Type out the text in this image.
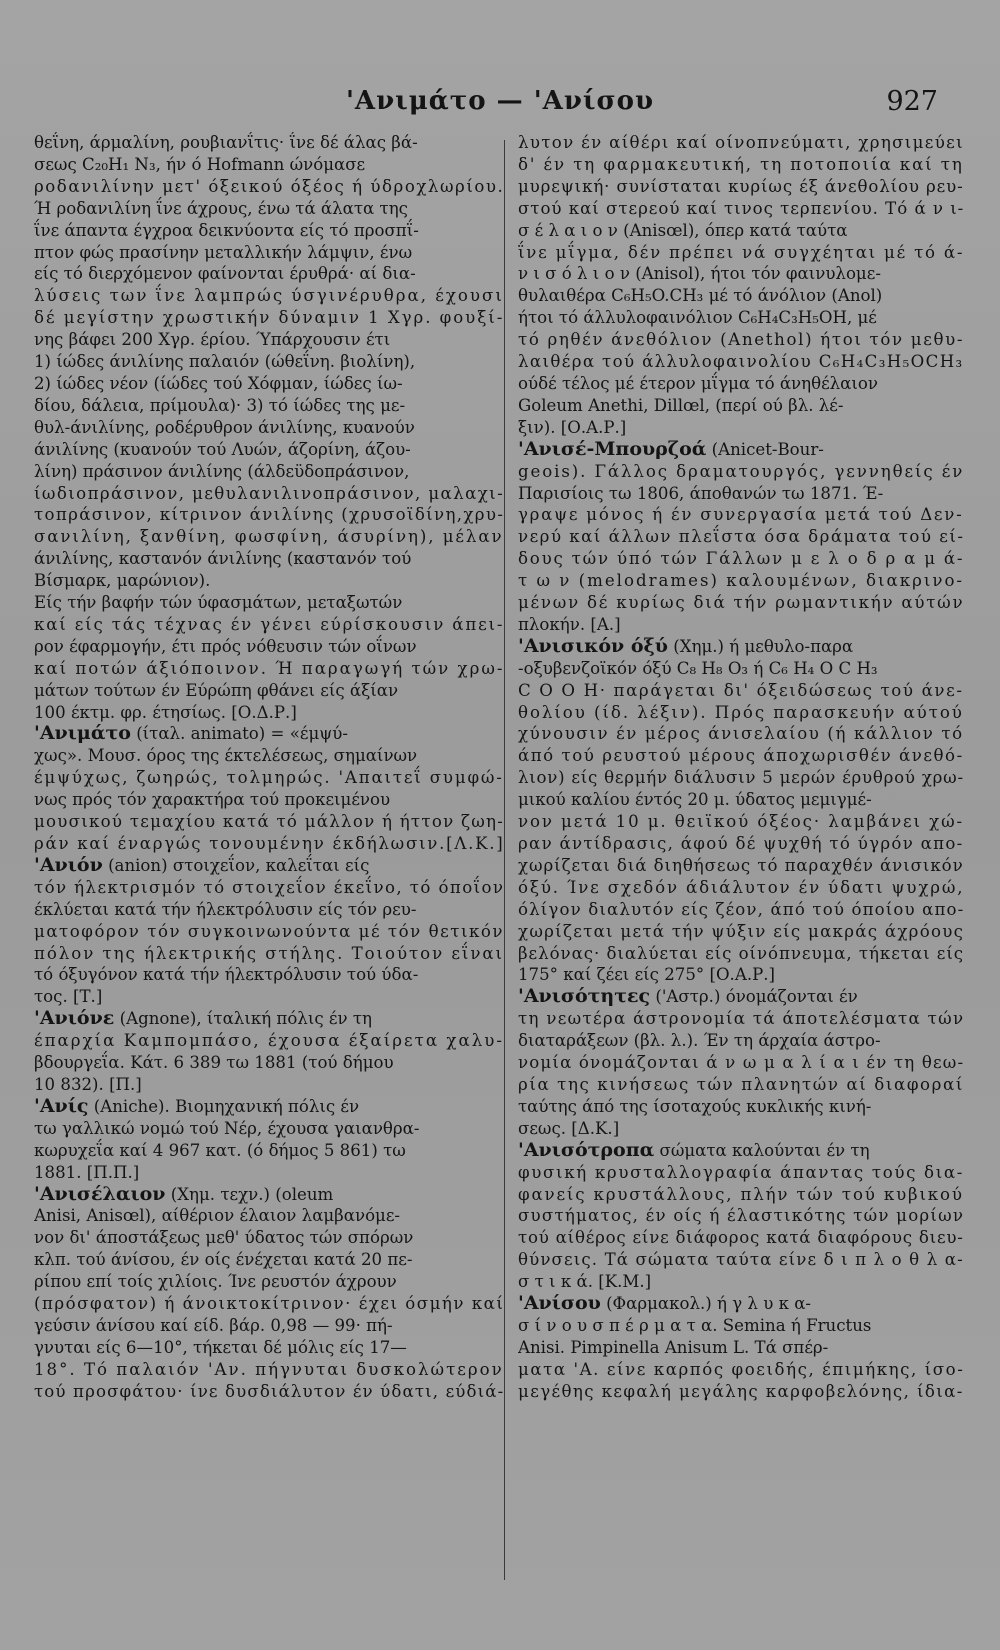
'Ανιμάτο — 'Ανίσου	927
θεΐνη, άρμαλίνη, ρουβιανΐτις· ΐνε δέ άλας βά-
σεως C₂₀H₁ N₃, ήν ό Hofmann ώνόμασε
ροδανιλίνην μετ' όξεικού όξέος ή ύδροχλωρίου.
Ή ροδανιλίνη ΐνε άχρους, ένω τά άλατα της
ΐνε άπαντα έγχροα δεικνύοντα είς τό προσπΐ-
πτον φώς πρασίνην μεταλλικήν λάμψιν, ένω
είς τό διερχόμενον φαίνονται έρυθρά· αί δια-
λύσεις των ΐνε λαμπρώς ύσγινέρυθρα, έχουσι
δέ μεγίστην χρωστικήν δύναμιν 1 Χγρ. φουξί-
νης βάφει 200 Χγρ. έρίου. Ύπάρχουσιν έτι
1) ίώδες άνιλίνης παλαιόν (ώθεΐνη. βιολίνη),
2) ίώδες νέον (ίώδες τού Χόφμαν, ίώδες ίω-
δίου, δάλεια, πρίμουλα)· 3) τό ίώδες της με-
θυλ-άνιλίνης, ροδέρυθρον άνιλίνης, κυανούν
άνιλίνης (κυανούν τού Λυών, άζορίνη, άζου-
λίνη) πράσινον άνιλίνης (άλδεϋδοπράσινον,
ίωδιοπράσινον, μεθυλανιλινοπράσινον, μαλαχι-
τοπράσινον, κίτρινον άνιλίνης (χρυσοϊδίνη,χρυ-
σανιλίνη, ξανθίνη, φωσφίνη, άσυρίνη), μέλαν
άνιλίνης, καστανόν άνιλίνης (καστανόν τού
Βίσμαρκ, μαρώνιον).
Είς τήν βαφήν τών ύφασμάτων, μεταξωτών
καί είς τάς τέχνας έν γένει εύρίσκουσιν άπει-
ρον έφαρμογήν, έτι πρός νόθευσιν τών οΐνων
καί ποτών άξιόποινον. Ή παραγωγή τών χρω-
μάτων τούτων έν Εύρώπη φθάνει είς άξίαν
100 έκτμ. φρ. έτησίως. [Ο.Δ.Ρ.]
'Ανιμάτο (ίταλ. animato) = «έμψύ-
χως». Μουσ. όρος της έκτελέσεως, σημαίνων
έμψύχως, ζωηρώς, τολμηρώς. 'Απαιτεΐ συμφώ-
νως πρός τόν χαρακτήρα τού προκειμένου
μουσικού τεμαχίου κατά τό μάλλον ή ήττον ζωη-
ράν καί έναργώς τονουμένην έκδήλωσιν.[Λ.Κ.]
'Ανιόν (anion) στοιχεΐον, καλεΐται είς
τόν ήλεκτρισμόν τό στοιχεΐον έκεΐνο, τό όποΐον
έκλύεται κατά τήν ήλεκτρόλυσιν είς τόν ρευ-
ματοφόρον τόν συγκοινωνούντα μέ τόν θετικόν
πόλον της ήλεκτρικής στήλης. Τοιούτον εΐναι
τό όξυγόνον κατά τήν ήλεκτρόλυσιν τού ύδα-
τος. [Τ.]
'Ανιόνε (Agnone), ίταλική πόλις έν τη
έπαρχία Καμπομπάσο, έχουσα έξαίρετα χαλυ-
βδουργεΐα. Κάτ. 6 389 τω 1881 (τού δήμου
10 832). [Π.]
'Ανίς (Aniche). Βιομηχανική πόλις έν
τω γαλλικώ νομώ τού Νέρ, έχουσα γαιανθρα-
κωρυχεΐα καί 4 967 κατ. (ό δήμος 5 861) τω
1881. [Π.Π.]
'Ανισέλαιον (Χημ. τεχν.) (oleum
Anisi, Anisœl), αίθέριον έλαιον λαμβανόμε-
νον δι' άποστάξεως μεθ' ύδατος τών σπόρων
κλπ. τού άνίσου, έν οίς ένέχεται κατά 20 πε-
ρίπου επί τοίς χιλίοις. Ίνε ρευστόν άχρουν
(πρόσφατον) ή άνοικτοκίτρινον· έχει όσμήν καί
γεύσιν άνίσου καί είδ. βάρ. 0,98 — 99· πή-
γνυται είς 6—10°, τήκεται δέ μόλις είς 17—
18°. Τό παλαιόν 'Αν. πήγνυται δυσκολώτερον
τού προσφάτου· ίνε δυσδιάλυτον έν ύδατι, εύδιά-
λυτον έν αίθέρι καί οίνοπνεύματι, χρησιμεύει
δ' έν τη φαρμακευτική, τη ποτοποιία καί τη
μυρεψική· συνίσταται κυρίως έξ άνεθολίου ρευ-
στού καί στερεού καί τινος τερπενίου. Τό ά ν ι-
σ έ λ α ι ο ν (Anisœl), όπερ κατά ταύτα
ΐνε μΐγμα, δέν πρέπει νά συγχέηται μέ τό ά-
ν ι σ ό λ ι ο ν (Anisol), ήτοι τόν φαινυλομε-
θυλαιθέρα C₆H₅O.CH₃ μέ τό άνόλιον (Anol)
ήτοι τό άλλυλοφαινόλιον C₆H₄C₃H₅OH, μέ
τό ρηθέν άνεθόλιον (Anethol) ήτοι τόν μεθυ-
λαιθέρα τού άλλυλοφαινολίου C₆H₄C₃H₅OCH₃
ούδέ τέλος μέ έτερον μΐγμα τό άνηθέλαιον
Goleum Anethi, Dillœl, (περί ού βλ. λέ-
ξιν). [Ο.Α.Ρ.]
'Ανισέ-Μπουρζοά (Anicet-Bour-
geois). Γάλλος δραματουργός, γεννηθείς έν
Παρισίοις τω 1806, άποθανών τω 1871. Έ-
γραψε μόνος ή έν συνεργασία μετά τού Δεν-
νερύ καί άλλων πλεΐστα όσα δράματα τού εί-
δους τών ύπό τών Γάλλων μ ε λ ο δ ρ α μ ά-
τ ω ν (melodrames) καλουμένων, διακρινο-
μένων δέ κυρίως διά τήν ρωμαντικήν αύτών
πλοκήν. [Α.]
'Ανισικόν όξύ (Χημ.) ή μεθυλο-παρα
-οξυβενζοϊκόν όξύ C₈ H₈ O₃ ή C₆ H₄ O C H₃
C O O H· παράγεται δι' όξειδώσεως τού άνε-
θολίου (ίδ. λέξιν). Πρός παρασκευήν αύτού
χύνουσιν έν μέρος άνισελαίου (ή κάλλιον τό
άπό τού ρευστού μέρους άποχωρισθέν άνεθό-
λιον) είς θερμήν διάλυσιν 5 μερών έρυθρού χρω-
μικού καλίου έντός 20 μ. ύδατος μεμιγμέ-
νον μετά 10 μ. θειϊκού όξέος· λαμβάνει χώ-
ραν άντίδρασις, άφού δέ ψυχθή τό ύγρόν απο-
χωρίζεται διά διηθήσεως τό παραχθέν άνισικόν
όξύ. Ίνε σχεδόν άδιάλυτον έν ύδατι ψυχρώ,
όλίγον διαλυτόν είς ζέον, άπό τού όποίου απο-
χωρίζεται μετά τήν ψύξιν είς μακράς άχρόους
βελόνας· διαλύεται είς οίνόπνευμα, τήκεται είς
175° καί ζέει είς 275° [Ο.Α.Ρ.]
'Ανισότητες ('Αστρ.) όνομάζονται έν
τη νεωτέρα άστρονομία τά άποτελέσματα τών
διαταράξεων (βλ. λ.). Έν τη άρχαία άστρο-
νομία όνομάζονται ά ν ω μ α λ ί α ι έν τη θεω-
ρία της κινήσεως τών πλανητών αί διαφοραί
ταύτης άπό της ίσοταχούς κυκλικής κινή-
σεως. [Δ.Κ.]
'Ανισότροπα σώματα καλούνται έν τη
φυσική κρυσταλλογραφία άπαντας τούς δια-
φανείς κρυστάλλους, πλήν τών τού κυβικού
συστήματος, έν οίς ή έλαστικότης τών μορίων
τού αίθέρος είνε διάφορος κατά διαφόρους διευ-
θύνσεις. Τά σώματα ταύτα είνε δ ι π λ ο θ λ α-
σ τ ι κ ά. [Κ.Μ.]
'Ανίσου (Φαρμακολ.) ή γ λ υ κ α-
σ ί ν ο υ σ π έ ρ μ α τ α. Semina ή Fructus
Anisi. Pimpinella Anisum L. Τά σπέρ-
ματα 'Α. είνε καρπός φοειδής, έπιμήκης, ίσο-
μεγέθης κεφαλή μεγάλης καρφοβελόνης, ίδια-
